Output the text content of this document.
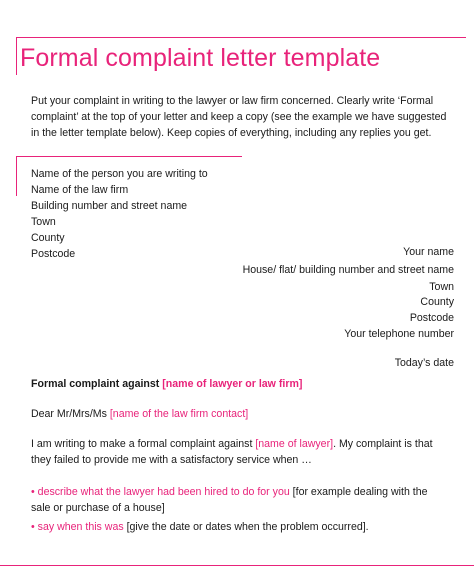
Formal complaint letter template
Put your complaint in writing to the lawyer or law firm concerned. Clearly write ‘Formal
complaint’ at the top of your letter and keep a copy (see the example we have suggested
in the letter template below). Keep copies of everything, including any replies you get.
Name of the person you are writing to
Name of the law firm
Building number and street name
Town
County
Postcode	Your name
House/ flat/ building number and street name
Town
County
Postcode
Your telephone number
Today’s date
Formal complaint against [name of lawyer or law firm]
Dear Mr/Mrs/Ms [name of the law firm contact]
I am writing to make a formal complaint against [name of lawyer]. My complaint is that
they failed to provide me with a satisfactory service when …
• describe what the lawyer had been hired to do for you [for example dealing with the
sale or purchase of a house]
• say when this was [give the date or dates when the problem occurred].
